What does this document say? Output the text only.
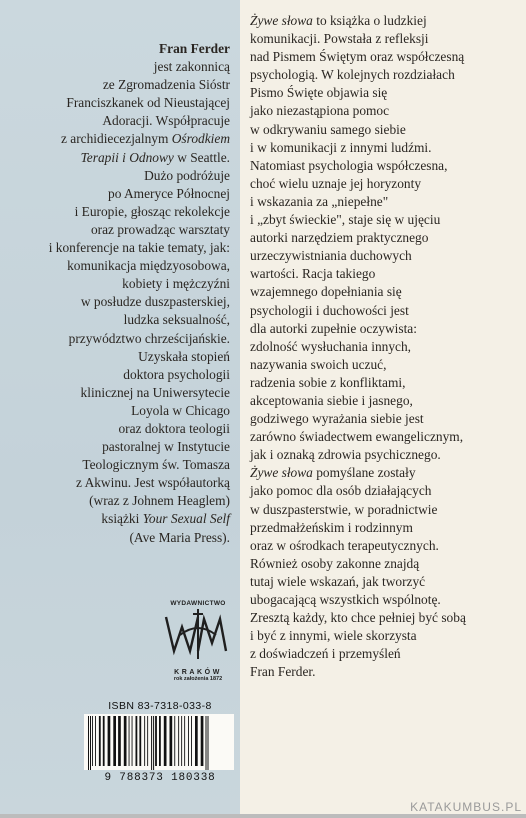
Fran Ferder
jest zakonnicą
ze Zgromadzenia Sióstr
Franciszkanek od Nieustającej
Adoracji. Współpracuje
z archidiecezjalnym Ośrodkiem
Terapii i Odnowy w Seattle.
Dużo podróżuje
po Ameryce Północnej
i Europie, głosząc rekolekcje
oraz prowadząc warsztaty
i konferencje na takie tematy, jak:
komunikacja międzyosobowa,
kobiety i mężczyźni
w posłudze duszpasterskiej,
ludzka seksualność,
przywództwo chrześcijańskie.
Uzyskała stopień
doktora psychologii
klinicznej na Uniwersytecie
Loyola w Chicago
oraz doktora teologii
pastoralnej w Instytucie
Teologicznym św. Tomasza
z Akwinu. Jest współautorką
(wraz z Johnem Heaglem)
książki Your Sexual Self
(Ave Maria Press).
Żywe słowa to książka o ludzkiej
komunikacji. Powstała z refleksji
nad Pismem Świętym oraz współczesną
psychologią. W kolejnych rozdziałach
Pismo Święte objawia się
jako niezastąpiona pomoc
w odkrywaniu samego siebie
i w komunikacji z innymi ludźmi.
Natomiast psychologia współczesna,
choć wielu uznaje jej horyzonty
i wskazania za „niepełne"
i „zbyt świeckie", staje się w ujęciu
autorki narzędziem praktycznego
urzeczywistniania duchowych
wartości. Racja takiego
wzajemnego dopełniania się
psychologii i duchowości jest
dla autorki zupełnie oczywista:
zdolność wysłuchania innych,
nazywania swoich uczuć,
radzenia sobie z konfliktami,
akceptowania siebie i jasnego,
godziwego wyrażania siebie jest
zarówno świadectwem ewangelicznym,
jak i oznaką zdrowia psychicznego.
Żywe słowa pomyślane zostały
jako pomoc dla osób działających
w duszpasterstwie, w poradnictwie
przedmałżeńskim i rodzinnym
oraz w ośrodkach terapeutycznych.
Również osoby zakonne znajdą
tutaj wiele wskazań, jak tworzyć
ubogacającą wszystkich wspólnotę.
Zresztą każdy, kto chce pełniej być sobą
i być z innymi, wiele skorzysta
z doświadczeń i przemyśleń
Fran Ferder.
WYDAWNICTWO
KRAKÓW
rok założenia 1872
ISBN 83-7318-033-8
9 788373 180338
KATAKUMBUS.PL
